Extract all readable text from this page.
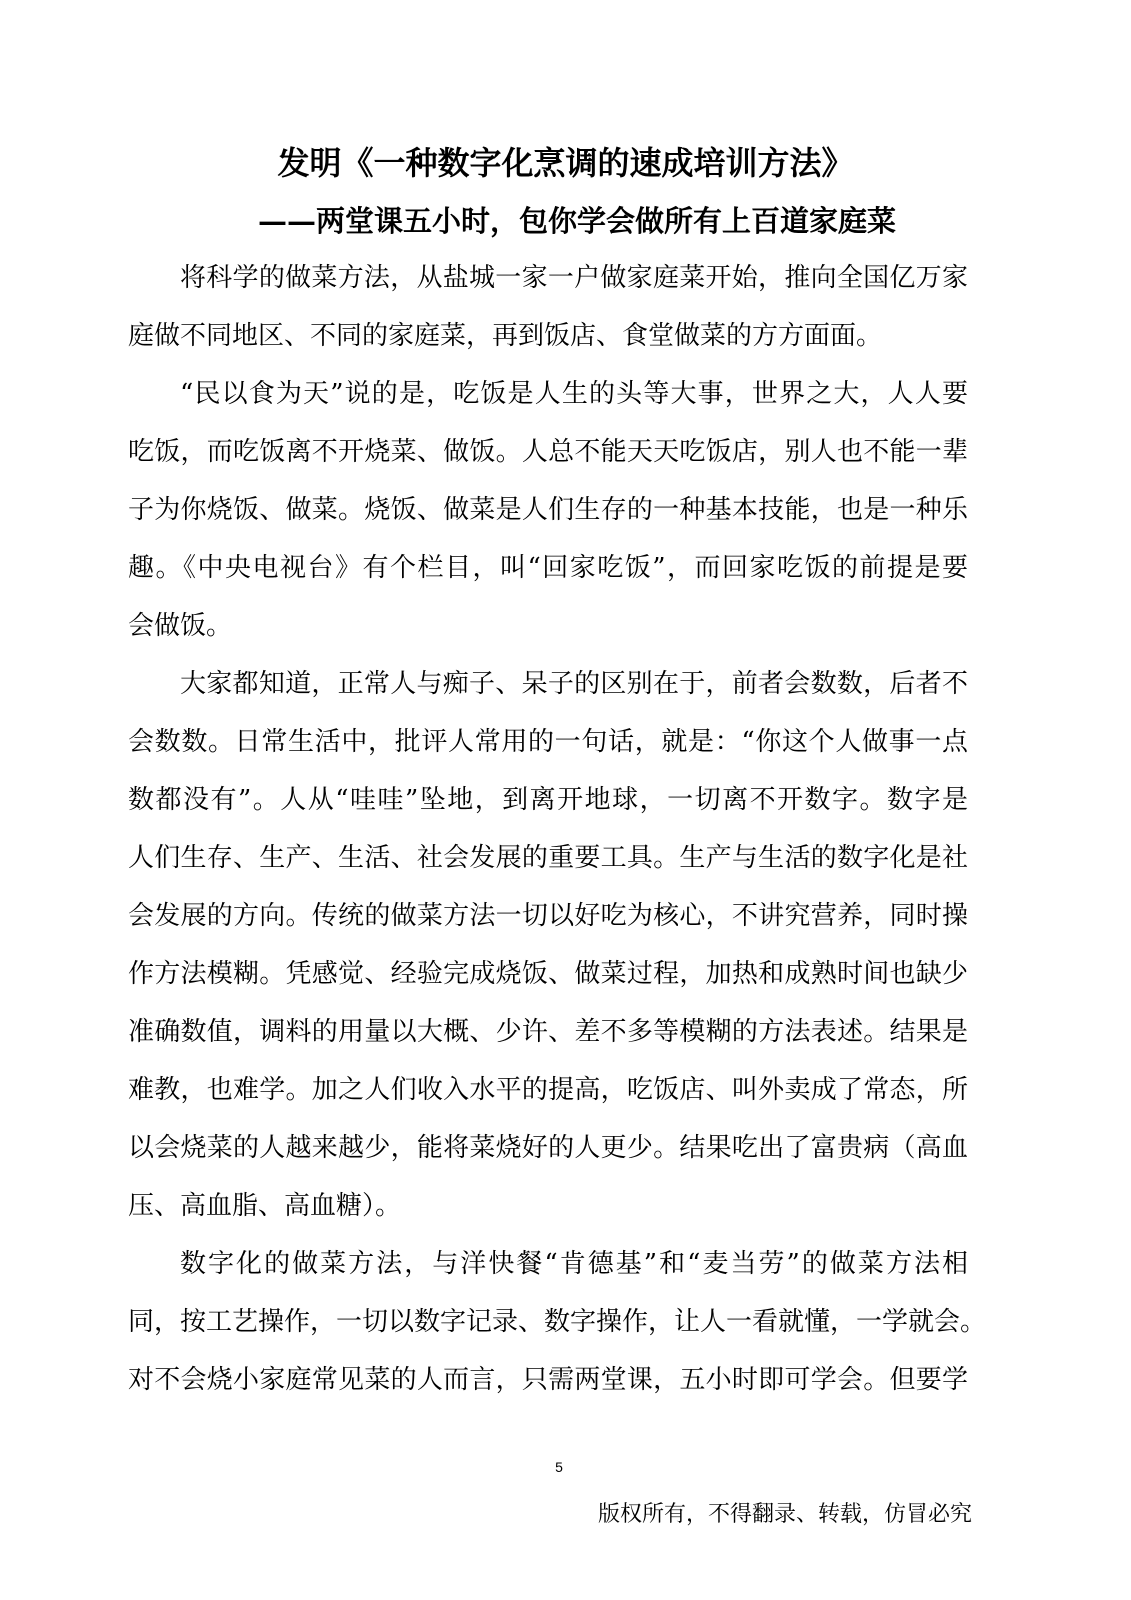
发明《一种数字化烹调的速成培训方法》
——两堂课五小时，包你学会做所有上百道家庭菜
将科学的做菜方法，从盐城一家一户做家庭菜开始，推向全国亿万家
庭做不同地区、不同的家庭菜，再到饭店、食堂做菜的方方面面。
“民以食为天”说的是，吃饭是人生的头等大事，世界之大，人人要
吃饭，而吃饭离不开烧菜、做饭。人总不能天天吃饭店，别人也不能一辈
子为你烧饭、做菜。烧饭、做菜是人们生存的一种基本技能，也是一种乐
趣。《中央电视台》有个栏目，叫“回家吃饭”，而回家吃饭的前提是要
会做饭。
大家都知道，正常人与痴子、呆子的区别在于，前者会数数，后者不
会数数。日常生活中，批评人常用的一句话，就是：“你这个人做事一点
数都没有”。人从“哇哇”坠地，到离开地球，一切离不开数字。数字是
人们生存、生产、生活、社会发展的重要工具。生产与生活的数字化是社
会发展的方向。传统的做菜方法一切以好吃为核心，不讲究营养，同时操
作方法模糊。凭感觉、经验完成烧饭、做菜过程，加热和成熟时间也缺少
准确数值，调料的用量以大概、少许、差不多等模糊的方法表述。结果是
难教，也难学。加之人们收入水平的提高，吃饭店、叫外卖成了常态，所
以会烧菜的人越来越少，能将菜烧好的人更少。结果吃出了富贵病（高血
压、高血脂、高血糖）。
数字化的做菜方法，与洋快餐“肯德基”和“麦当劳”的做菜方法相
同，按工艺操作，一切以数字记录、数字操作，让人一看就懂，一学就会。
对不会烧小家庭常见菜的人而言，只需两堂课，五小时即可学会。但要学
5
版权所有，不得翻录、转载，仿冒必究
